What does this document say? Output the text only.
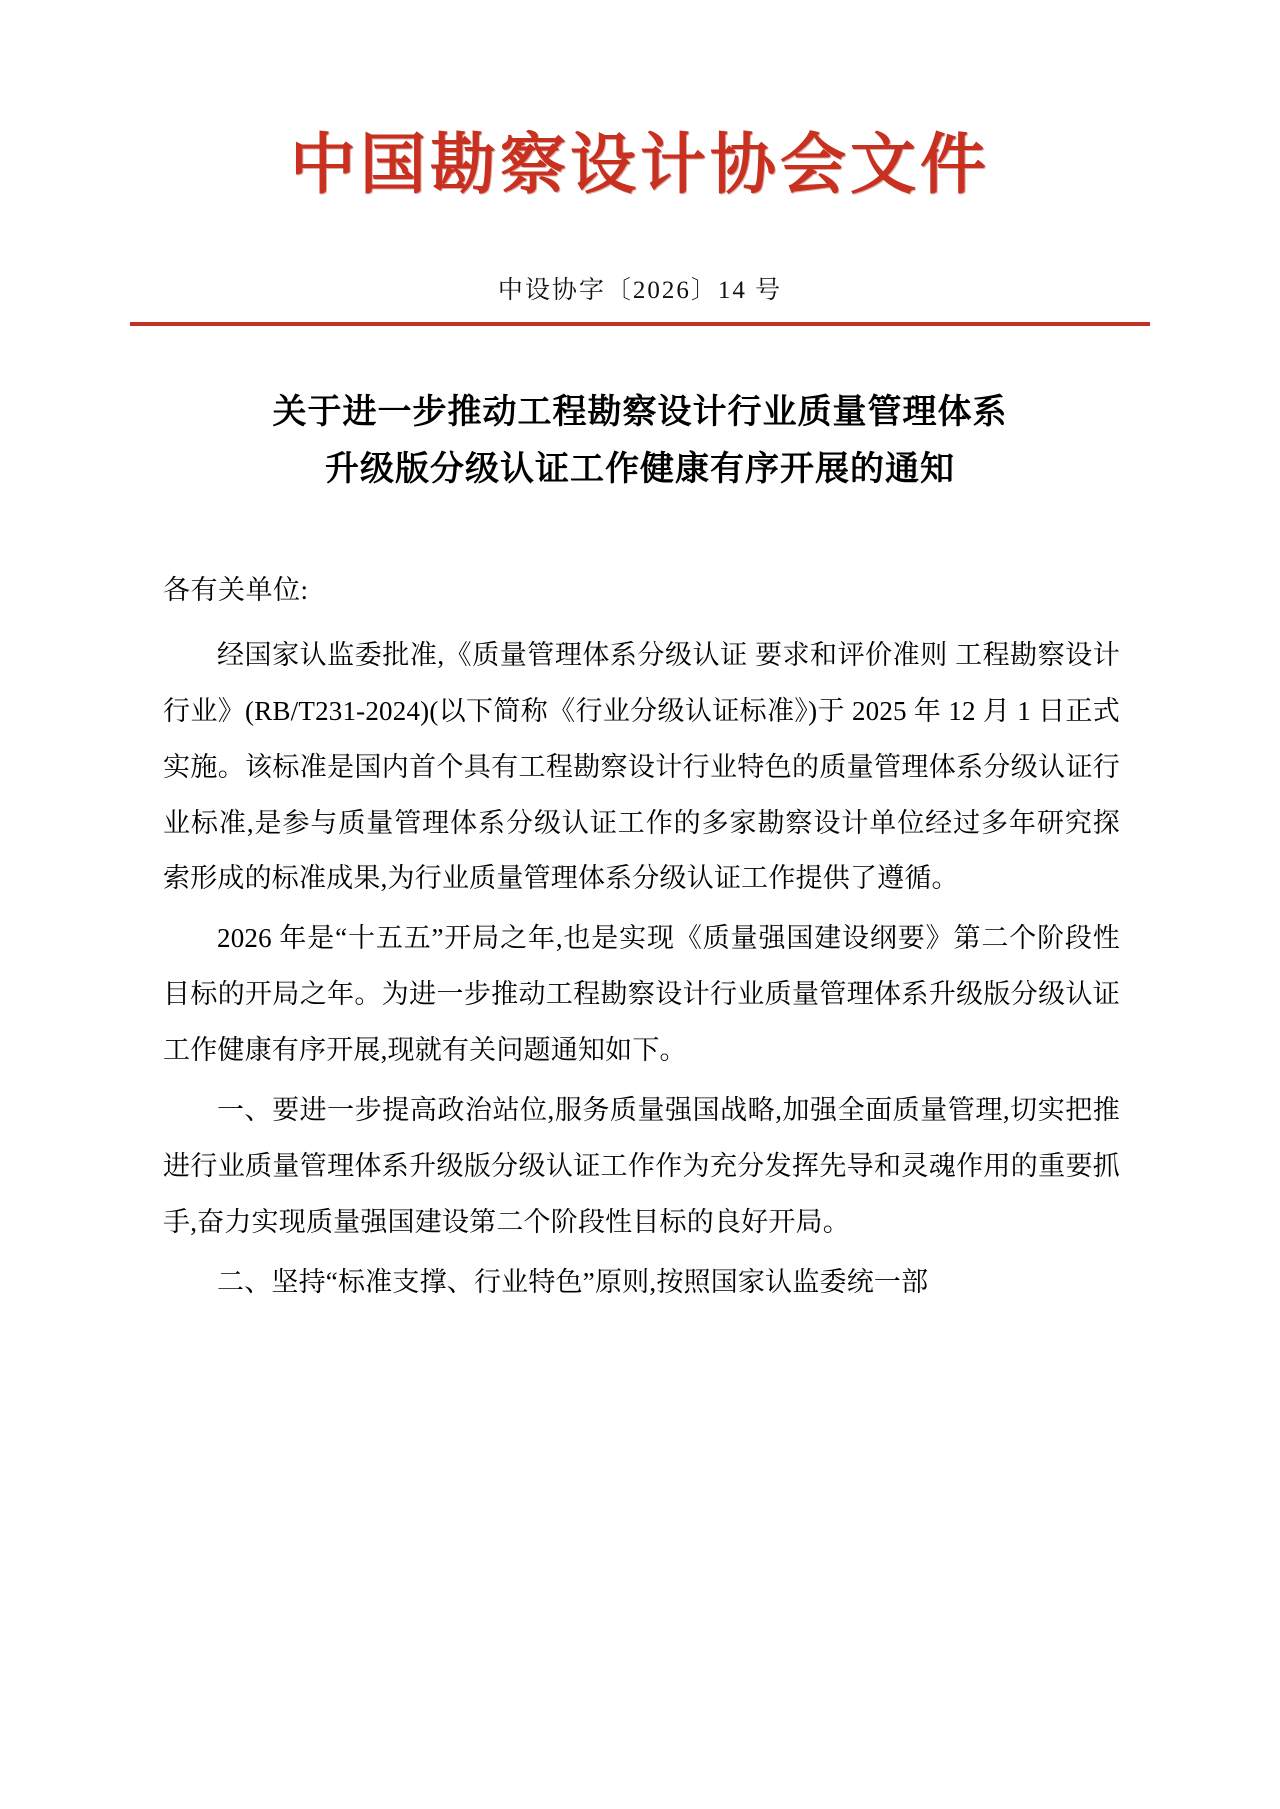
中国勘察设计协会文件
中设协字〔2026〕14 号
关于进一步推动工程勘察设计行业质量管理体系
升级版分级认证工作健康有序开展的通知
各有关单位:

经国家认监委批准,《质量管理体系分级认证 要求和评价准则 工程勘察设计行业》(RB/T231-2024)(以下简称《行业分级认证标准》)于 2025 年 12 月 1 日正式实施。该标准是国内首个具有工程勘察设计行业特色的质量管理体系分级认证行业标准,是参与质量管理体系分级认证工作的多家勘察设计单位经过多年研究探索形成的标准成果,为行业质量管理体系分级认证工作提供了遵循。

2026 年是“十五五”开局之年,也是实现《质量强国建设纲要》第二个阶段性目标的开局之年。为进一步推动工程勘察设计行业质量管理体系升级版分级认证工作健康有序开展,现就有关问题通知如下。

一、要进一步提高政治站位,服务质量强国战略,加强全面质量管理,切实把推进行业质量管理体系升级版分级认证工作作为充分发挥先导和灵魂作用的重要抓手,奋力实现质量强国建设第二个阶段性目标的良好开局。

二、坚持“标准支撑、行业特色”原则,按照国家认监委统一部
